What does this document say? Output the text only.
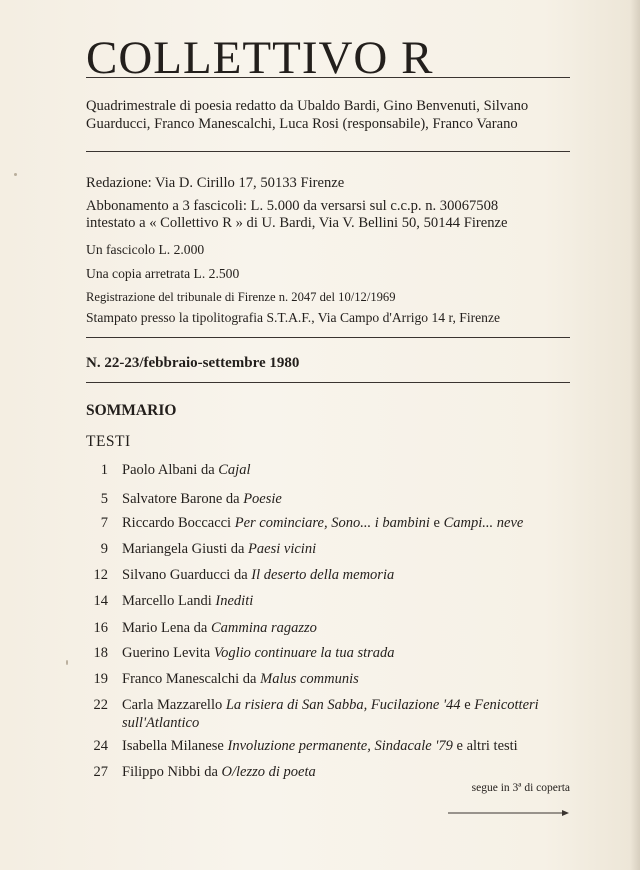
COLLETTIVO R
Quadrimestrale di poesia redatto da Ubaldo Bardi, Gino Benvenuti, Silvano
Guarducci, Franco Manescalchi, Luca Rosi (responsabile), Franco Varano
Redazione: Via D. Cirillo 17, 50133 Firenze
Abbonamento a 3 fascicoli: L. 5.000 da versarsi sul c.c.p. n. 30067508
intestato a « Collettivo R » di U. Bardi, Via V. Bellini 50, 50144 Firenze
Un fascicolo L. 2.000
Una copia arretrata L. 2.500
Registrazione del tribunale di Firenze n. 2047 del 10/12/1969
Stampato presso la tipolitografia S.T.A.F., Via Campo d'Arrigo 14 r, Firenze
N. 22-23/febbraio-settembre 1980
SOMMARIO
TESTI
1 Paolo Albani da Cajal
5 Salvatore Barone da Poesie
7 Riccardo Boccacci Per cominciare, Sono... i bambini e Campi... neve
9 Mariangela Giusti da Paesi vicini
12 Silvano Guarducci da Il deserto della memoria
14 Marcello Landi Inediti
16 Mario Lena da Cammina ragazzo
18 Guerino Levita Voglio continuare la tua strada
19 Franco Manescalchi da Malus communis
22 Carla Mazzarello La risiera di San Sabba, Fucilazione '44 e Fenicotteri
sull'Atlantico
24 Isabella Milanese Involuzione permanente, Sindacale '79 e altri testi
27 Filippo Nibbi da O/lezzo di poeta
segue in 3ª di coperta
